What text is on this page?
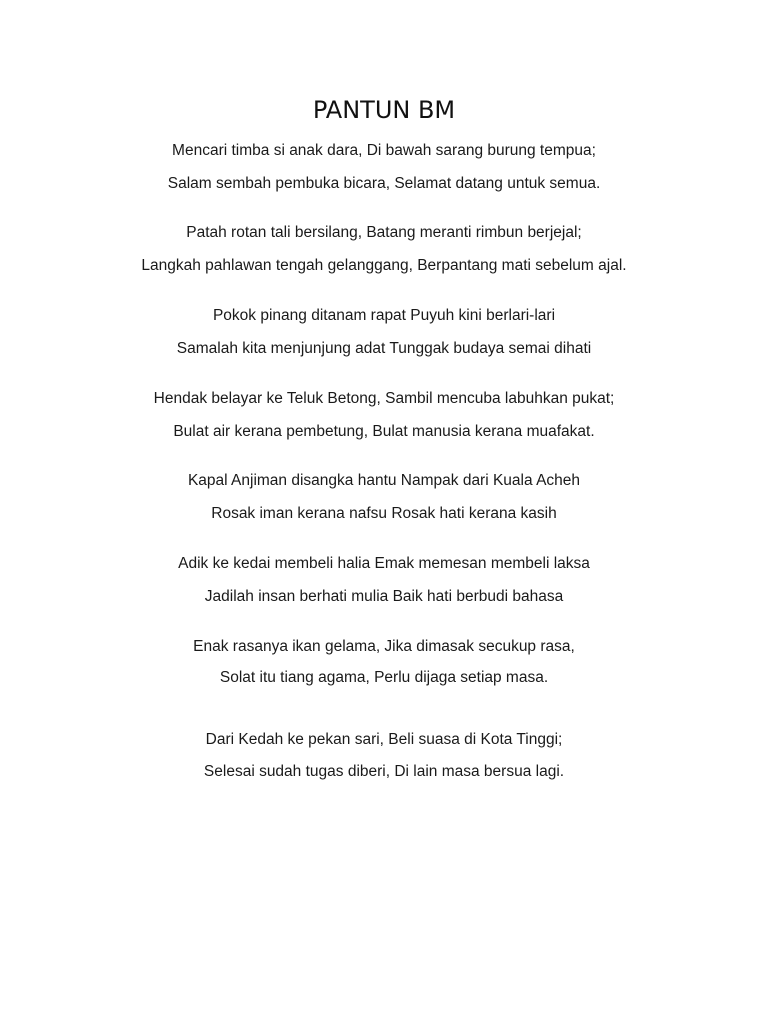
PANTUN BM
Mencari timba si anak dara, Di bawah sarang burung tempua;
Salam sembah pembuka bicara, Selamat datang untuk semua.
Patah rotan tali bersilang, Batang meranti rimbun berjejal;
Langkah pahlawan tengah gelanggang, Berpantang mati sebelum ajal.
Pokok pinang ditanam rapat Puyuh kini berlari-lari
Samalah kita menjunjung adat Tunggak budaya semai dihati
Hendak belayar ke Teluk Betong, Sambil mencuba labuhkan pukat;
Bulat air kerana pembetung, Bulat manusia kerana muafakat.
Kapal Anjiman disangka hantu Nampak dari Kuala Acheh
Rosak iman kerana nafsu Rosak hati kerana kasih
Adik ke kedai membeli halia Emak memesan membeli laksa
Jadilah insan berhati mulia Baik hati berbudi bahasa
Enak rasanya ikan gelama, Jika dimasak secukup rasa,
Solat itu tiang agama, Perlu dijaga setiap masa.
Dari Kedah ke pekan sari, Beli suasa di Kota Tinggi;
Selesai sudah tugas diberi, Di lain masa bersua lagi.
